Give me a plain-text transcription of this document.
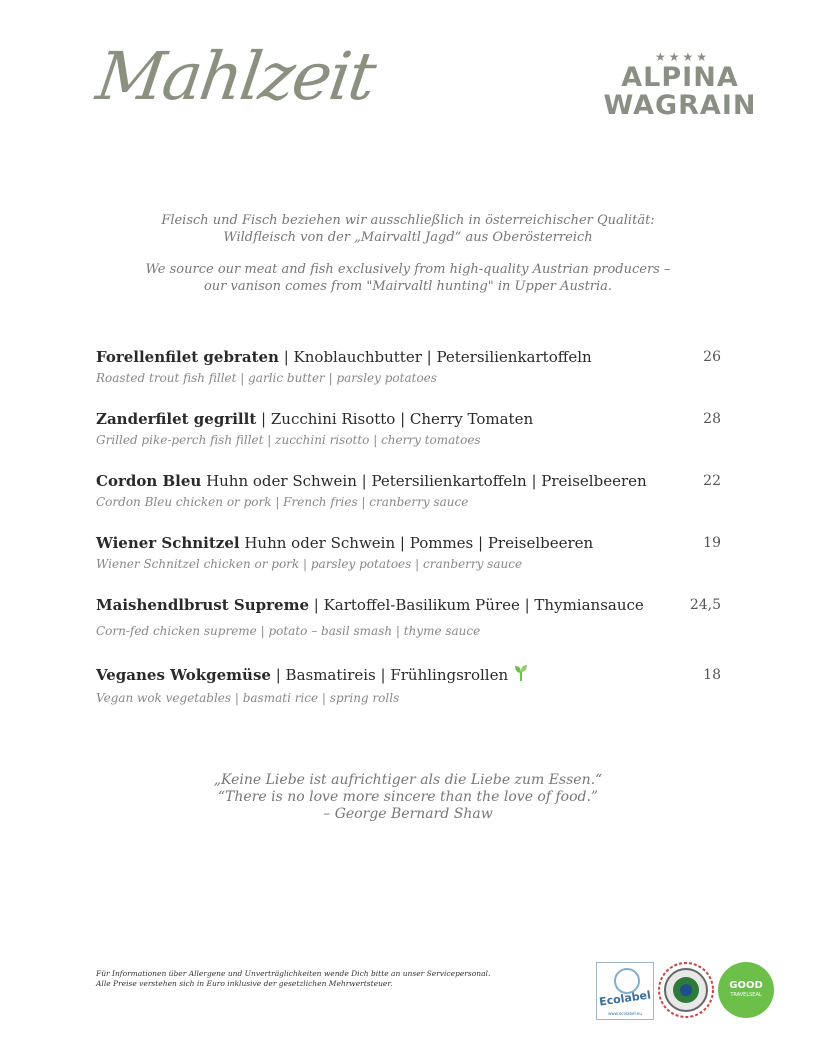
Mahlzeit	★★★★
ALPINA
WAGRAIN

Fleisch und Fisch beziehen wir ausschließlich in österreichischer Qualität:
Wildfleisch von der „Mairvaltl Jagd“ aus Oberösterreich

We source our meat and fish exclusively from high-quality Austrian producers –
our vanison comes from "Mairvaltl hunting" in Upper Austria.

Forellenfilet gebraten | Knoblauchbutter | Petersilienkartoffeln	26
Roasted trout fish fillet | garlic butter | parsley potatoes
Zanderfilet gegrillt | Zucchini Risotto | Cherry Tomaten	28
Grilled pike-perch fish fillet | zucchini risotto | cherry tomatoes
Cordon Bleu Huhn oder Schwein | Petersilienkartoffeln | Preiselbeeren	22
Cordon Bleu chicken or pork | French fries | cranberry sauce
Wiener Schnitzel Huhn oder Schwein | Pommes | Preiselbeeren	19
Wiener Schnitzel chicken or pork | parsley potatoes | cranberry sauce
Maishendlbrust Supreme | Kartoffel-Basilikum Püree | Thymiansauce	24,5
Corn-fed chicken supreme | potato – basil smash | thyme sauce
Veganes Wokgemüse | Basmatireis | Frühlingsrollen	18
Vegan wok vegetables | basmati rice | spring rolls
„Keine Liebe ist aufrichtiger als die Liebe zum Essen.“
“There is no love more sincere than the love of food.”
– George Bernard Shaw
Für Informationen über Allergene und Unverträglichkeiten wende Dich bitte an unser Servicepersonal.
Alle Preise verstehen sich in Euro inklusive der gesetzlichen Mehrwertsteuer.
Ecolabel
www.ecolabel.eu
GOOD
TRAVELSEAL
